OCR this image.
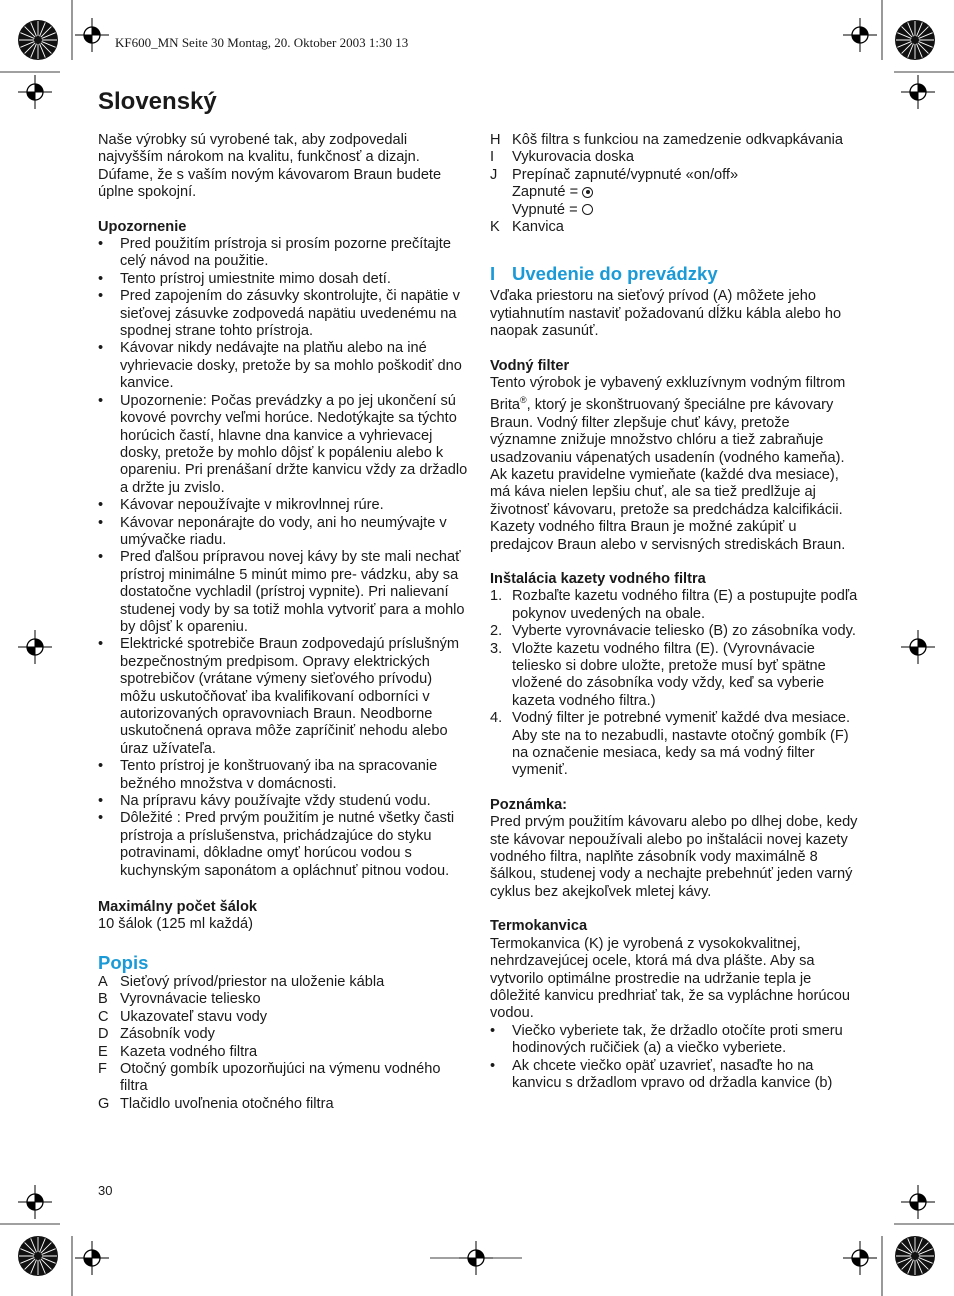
KF600_MN Seite 30 Montag, 20. Oktober 2003 1:30 13
Slovenský

Naše výrobky sú vyrobené tak, aby zodpovedali najvyšším nárokom na kvalitu, funkčnosť a dizajn. Dúfame, že s vaším novým kávovarom Braun budete úplne spokojní.

Upozornenie

• Pred použitím prístroja si prosím pozorne prečítajte celý návod na použitie.
• Tento prístroj umiestnite mimo dosah detí.
• Pred zapojením do zásuvky skontrolujte, či napätie v sieťovej zásuvke zodpovedá napätiu uvedenému na spodnej strane tohto prístroja.
• Kávovar nikdy nedávajte na platňu alebo na iné vyhrievacie dosky, pretože by sa mohlo poškodiť dno kanvice.
• Upozornenie: Počas prevádzky a po jej ukončení sú kovové povrchy veľmi horúce. Nedotýkajte sa týchto horúcich častí, hlavne dna kanvice a vyhrievacej dosky, pretože by mohlo dôjsť k popáleniu alebo k opareniu. Pri prenášaní držte kanvicu vždy za držadlo a držte ju zvislo.
• Kávovar nepoužívajte v mikrovlnnej rúre.
• Kávovar neponárajte do vody, ani ho neumývajte v umývačke riadu.
• Pred ďalšou prípravou novej kávy by ste mali nechať prístroj minimálne 5 minút mimo pre- vádzku, aby sa dostatočne vychladil (prístroj vypnite). Pri nalievaní studenej vody by sa totiž mohla vytvoriť para a mohlo by dôjsť k opareniu.
• Elektrické spotrebiče Braun zodpovedajú príslušným bezpečnostným predpisom. Opravy elektrických spotrebičov (vrátane výmeny sieťového prívodu) môžu uskutočňovať iba kvalifikovaní odborníci v autorizovaných opravovniach Braun. Neodborne uskutočnená oprava môže zapríčiniť nehodu alebo úraz užívateľa.
• Tento prístroj je konštruovaný iba na spracovanie bežného množstva v domácnosti.
• Na prípravu kávy používajte vždy studenú vodu.
• Dôležité : Pred prvým použitím je nutné všetky časti prístroja a príslušenstva, prichádzajúce do styku potravinami, dôkladne omyť horúcou vodou s kuchynským saponátom a opláchnuť pitnou vodou.

Maximálny počet šálok

10 šálok (125 ml každá)

Popis

A Sieťový prívod/priestor na uloženie kábla
B Vyrovnávacie teliesko
C Ukazovateľ stavu vody
D Zásobník vody
E Kazeta vodného filtra
F Otočný gombík upozorňujúci na výmenu vodného filtra
G Tlačidlo uvoľnenia otočného filtra
H Kôš filtra s funkciou na zamedzenie odkvapkávania
I Vykurovacia doska
J Prepínač zapnuté/vypnuté «on/off»
Zapnuté =
Vypnuté =
K Kanvica
I Uvedenie do prevádzky

Vďaka priestoru na sieťový prívod (A) môžete jeho vytiahnutím nastaviť požadovanú dĺžku kábla alebo ho naopak zasunúť.

Vodný filter

Tento výrobok je vybavený exkluzívnym vodným filtrom Brita®, ktorý je skonštruovaný špeciálne pre kávovary Braun. Vodný filter zlepšuje chuť kávy, pretože významne znižuje množstvo chlóru a tiež zabraňuje usadzovaniu vápenatých usadenín (vodného kameňa). Ak kazetu pravidelne vymieňate (každé dva mesiace), má káva nielen lepšiu chuť, ale sa tiež predlžuje aj životnosť kávovaru, pretože sa predchádza kalcifikácii. Kazety vodného filtra Braun je možné zakúpiť u predajcov Braun alebo v servisných strediskách Braun.

Inštalácia kazety vodného filtra

1. Rozbaľte kazetu vodného filtra (E) a postupujte podľa pokynov uvedených na obale.
2. Vyberte vyrovnávacie teliesko (B) zo zásobníka vody.
3. Vložte kazetu vodného filtra (E). (Vyrovnávacie teliesko si dobre uložte, pretože musí byť spätne vložené do zásobníka vody vždy, keď sa vyberie kazeta vodného filtra.)
4. Vodný filter je potrebné vymeniť každé dva mesiace. Aby ste na to nezabudli, nastavte otočný gombík (F) na označenie mesiaca, kedy sa má vodný filter vymeniť.

Poznámka:

Pred prvým použitím kávovaru alebo po dlhej dobe, kedy ste kávovar nepoužívali alebo po inštalácii novej kazety vodného filtra, naplňte zásobník vody maximálně 8 šálkou, studenej vody a nechajte prebehnúť jeden varný cyklus bez akejkoľvek mletej kávy.

Termokanvica

Termokanvica (K) je vyrobená z vysokokvalitnej, nehrdzavejúcej ocele, ktorá má dva plášte. Aby sa vytvorilo optimálne prostredie na udržanie tepla je dôležité kanvicu predhriať tak, že sa vypláchne horúcou vodou.

• Viečko vyberiete tak, že držadlo otočíte proti smeru hodinových ručičiek (a) a viečko vyberiete.
• Ak chcete viečko opäť uzavrieť, nasaďte ho na kanvicu s držadlom vpravo od držadla kanvice (b)
30
